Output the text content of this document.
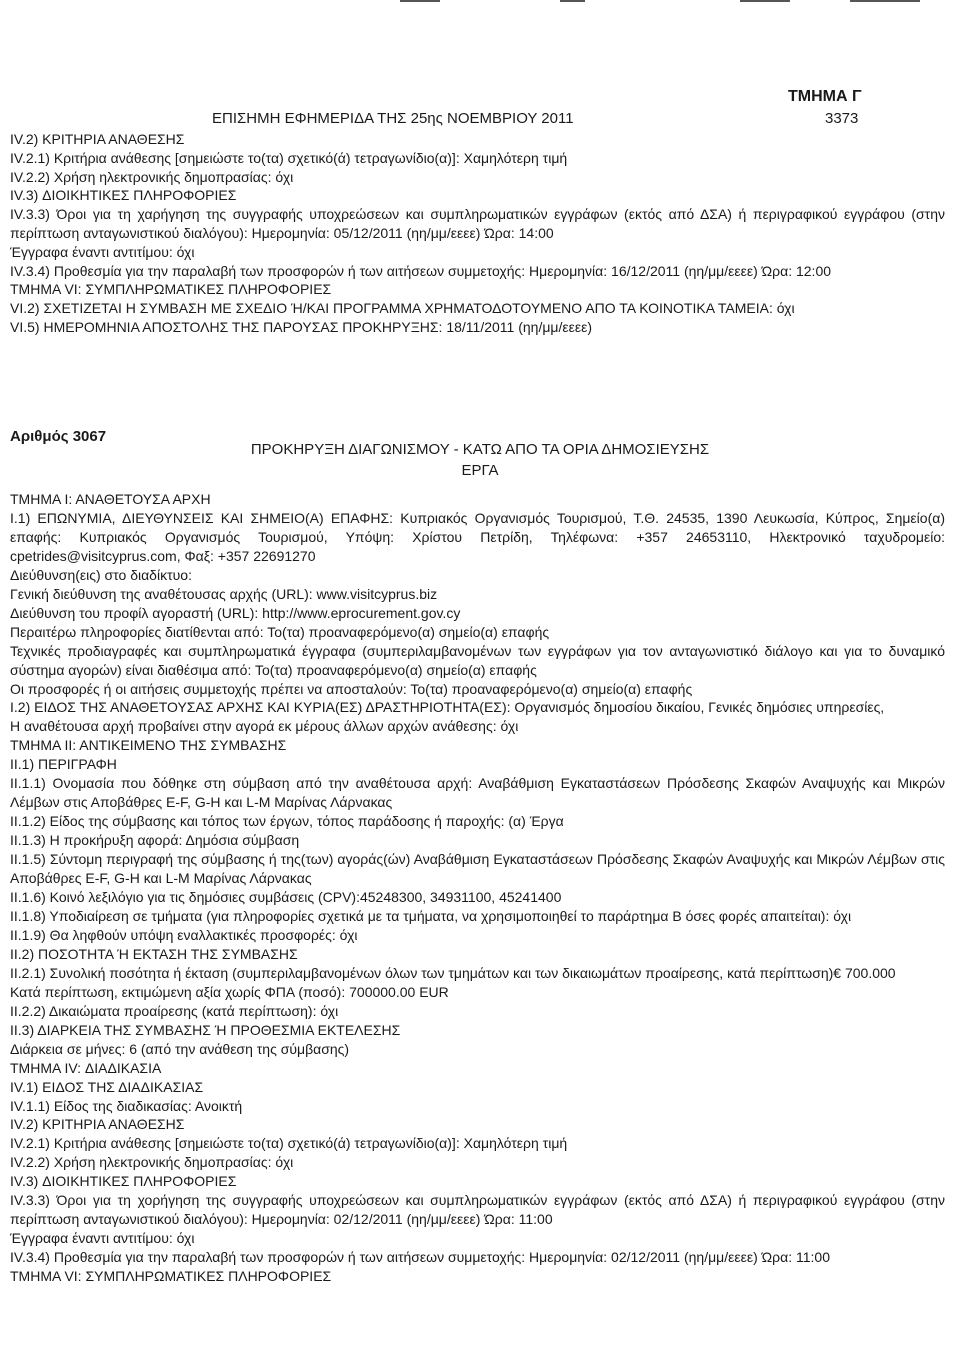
ΤΜΗΜΑ Γ
ΕΠΙΣΗΜΗ ΕΦΗΜΕΡΙΔΑ ΤΗΣ 25ης ΝΟΕΜΒΡΙΟΥ 2011	3373

IV.2) ΚΡΙΤΗΡΙΑ ΑΝΑΘΕΣΗΣ

IV.2.1) Κριτήρια ανάθεσης [σημειώστε το(τα) σχετικό(ά) τετραγωνίδιο(α)]: Χαμηλότερη τιμή

IV.2.2) Χρήση ηλεκτρονικής δημοπρασίας: όχι

IV.3) ΔΙΟΙΚΗΤΙΚΕΣ ΠΛΗΡΟΦΟΡΙΕΣ

IV.3.3) Όροι για τη χαρήγηση της συγγραφής υποχρεώσεων και συμπληρωματικών εγγράφων (εκτός από ΔΣΑ) ή περιγραφικού εγγράφου (στην περίπτωση ανταγωνιστικού διαλόγου): Ημερομηνία: 05/12/2011 (ηη/μμ/εεεε) Ώρα: 14:00

Έγγραφα έναντι αντιτίμου: όχι

IV.3.4) Προθεσμία για την παραλαβή των προσφορών ή των αιτήσεων συμμετοχής: Ημερομηνία: 16/12/2011 (ηη/μμ/εεεε) Ώρα: 12:00

ΤΜΗΜΑ VI: ΣΥΜΠΛΗΡΩΜΑΤΙΚΕΣ ΠΛΗΡΟΦΟΡΙΕΣ

VI.2) ΣΧΕΤΙΖΕΤΑΙ Η ΣΥΜΒΑΣΗ ΜΕ ΣΧΕΔΙΟ Ή/ΚΑΙ ΠΡΟΓΡΑΜΜΑ ΧΡΗΜΑΤΟΔΟΤΟΥΜΕΝΟ ΑΠΟ ΤΑ ΚΟΙΝΟΤΙΚΑ ΤΑΜΕΙΑ: όχι

VI.5) ΗΜΕΡΟΜΗΝΙΑ ΑΠΟΣΤΟΛΗΣ ΤΗΣ ΠΑΡΟΥΣΑΣ ΠΡΟΚΗΡΥΞΗΣ: 18/11/2011 (ηη/μμ/εεεε)

Αριθμός 3067
ΠΡΟΚΗΡΥΞΗ ΔΙΑΓΩΝΙΣΜΟΥ - ΚΑΤΩ ΑΠΟ ΤΑ ΟΡΙΑ ΔΗΜΟΣΙΕΥΣΗΣ
ΕΡΓΑ

ΤΜΗΜΑ Ι: ΑΝΑΘΕΤΟΥΣΑ ΑΡΧΗ

Ι.1) ΕΠΩΝΥΜΙΑ, ΔΙΕΥΘΥΝΣΕΙΣ ΚΑΙ ΣΗΜΕΙΟ(Α) ΕΠΑΦΗΣ: Κυπριακός Οργανισμός Τουρισμού, Τ.Θ. 24535, 1390 Λευκωσία, Κύπρος, Σημείο(α) επαφής: Κυπριακός Οργανισμός Τουρισμού, Υπόψη: Χρίστου Πετρίδη, Τηλέφωνα: +357 24653110, Ηλεκτρονικό ταχυδρομείο: cpetrides@visitcyprus.com, Φαξ: +357 22691270

Διεύθυνση(εις) στο διαδίκτυο:

Γενική διεύθυνση της αναθέτουσας αρχής (URL): www.visitcyprus.biz

Διεύθυνση του προφίλ αγοραστή (URL): http://www.eprocurement.gov.cy

Περαιτέρω πληροφορίες διατίθενται από: Το(τα) προαναφερόμενο(α) σημείο(α) επαφής

Τεχνικές προδιαγραφές και συμπληρωματικά έγγραφα (συμπεριλαμβανομένων των εγγράφων για τον ανταγωνιστικό διάλογο και για το δυναμικό σύστημα αγορών) είναι διαθέσιμα από: Το(τα) προαναφερόμενο(α) σημείο(α) επαφής

Οι προσφορές ή οι αιτήσεις συμμετοχής πρέπει να αποσταλούν: Το(τα) προαναφερόμενο(α) σημείο(α) επαφής

Ι.2) ΕΙΔΟΣ ΤΗΣ ΑΝΑΘΕΤΟΥΣΑΣ ΑΡΧΗΣ ΚΑΙ ΚΥΡΙΑ(ΕΣ) ΔΡΑΣΤΗΡΙΟΤΗΤΑ(ΕΣ): Οργανισμός δημοσίου δικαίου, Γενικές δημόσιες υπηρεσίες,

Η αναθέτουσα αρχή προβαίνει στην αγορά εκ μέρους άλλων αρχών ανάθεσης: όχι

ΤΜΗΜΑ ΙΙ: ΑΝΤΙΚΕΙΜΕΝΟ ΤΗΣ ΣΥΜΒΑΣΗΣ

ΙΙ.1) ΠΕΡΙΓΡΑΦΗ

ΙΙ.1.1) Ονομασία που δόθηκε στη σύμβαση από την αναθέτουσα αρχή: Αναβάθμιση Εγκαταστάσεων Πρόσδεσης Σκαφών Αναψυχής και Μικρών Λέμβων στις Αποβάθρες E-F, G-H και L-M Μαρίνας Λάρνακας

ΙΙ.1.2) Είδος της σύμβασης και τόπος των έργων, τόπος παράδοσης ή παροχής: (α) Έργα

ΙΙ.1.3) Η προκήρυξη αφορά: Δημόσια σύμβαση

ΙΙ.1.5) Σύντομη περιγραφή της σύμβασης ή της(των) αγοράς(ών) Αναβάθμιση Εγκαταστάσεων Πρόσδεσης Σκαφών Αναψυχής και Μικρών Λέμβων στις Αποβάθρες E-F, G-H και L-M Μαρίνας Λάρνακας

ΙΙ.1.6) Κοινό λεξιλόγιο για τις δημόσιες συμβάσεις (CPV):45248300, 34931100, 45241400

ΙΙ.1.8) Υποδιαίρεση σε τμήματα (για πληροφορίες σχετικά με τα τμήματα, να χρησιμοποιηθεί το παράρτημα Β όσες φορές απαιτείται): όχι

ΙΙ.1.9) Θα ληφθούν υπόψη εναλλακτικές προσφορές: όχι

ΙΙ.2) ΠΟΣΟΤΗΤΑ Ή ΕΚΤΑΣΗ ΤΗΣ ΣΥΜΒΑΣΗΣ

ΙΙ.2.1) Συνολική ποσότητα ή έκταση (συμπεριλαμβανομένων όλων των τμημάτων και των δικαιωμάτων προαίρεσης, κατά περίπτωση)€ 700.000

Κατά περίπτωση, εκτιμώμενη αξία χωρίς ΦΠΑ (ποσό): 700000.00 EUR

ΙΙ.2.2) Δικαιώματα προαίρεσης (κατά περίπτωση): όχι

ΙΙ.3) ΔΙΑΡΚΕΙΑ ΤΗΣ ΣΥΜΒΑΣΗΣ Ή ΠΡΟΘΕΣΜΙΑ ΕΚΤΕΛΕΣΗΣ

Διάρκεια σε μήνες: 6 (από την ανάθεση της σύμβασης)

ΤΜΗΜΑ IV: ΔΙΑΔΙΚΑΣΙΑ

IV.1) ΕΙΔΟΣ ΤΗΣ ΔΙΑΔΙΚΑΣΙΑΣ

IV.1.1) Είδος της διαδικασίας: Ανοικτή

IV.2) ΚΡΙΤΗΡΙΑ ΑΝΑΘΕΣΗΣ

IV.2.1) Κριτήρια ανάθεσης [σημειώστε το(τα) σχετικό(ά) τετραγωνίδιο(α)]: Χαμηλότερη τιμή

IV.2.2) Χρήση ηλεκτρονικής δημοπρασίας: όχι

IV.3) ΔΙΟΙΚΗΤΙΚΕΣ ΠΛΗΡΟΦΟΡΙΕΣ

IV.3.3) Όροι για τη χορήγηση της συγγραφής υποχρεώσεων και συμπληρωματικών εγγράφων (εκτός από ΔΣΑ) ή περιγραφικού εγγράφου (στην περίπτωση ανταγωνιστικού διαλόγου): Ημερομηνία: 02/12/2011 (ηη/μμ/εεεε) Ώρα: 11:00

Έγγραφα έναντι αντιτίμου: όχι

IV.3.4) Προθεσμία για την παραλαβή των προσφορών ή των αιτήσεων συμμετοχής: Ημερομηνία: 02/12/2011 (ηη/μμ/εεεε) Ώρα: 11:00

ΤΜΗΜΑ VI: ΣΥΜΠΛΗΡΩΜΑΤΙΚΕΣ ΠΛΗΡΟΦΟΡΙΕΣ
